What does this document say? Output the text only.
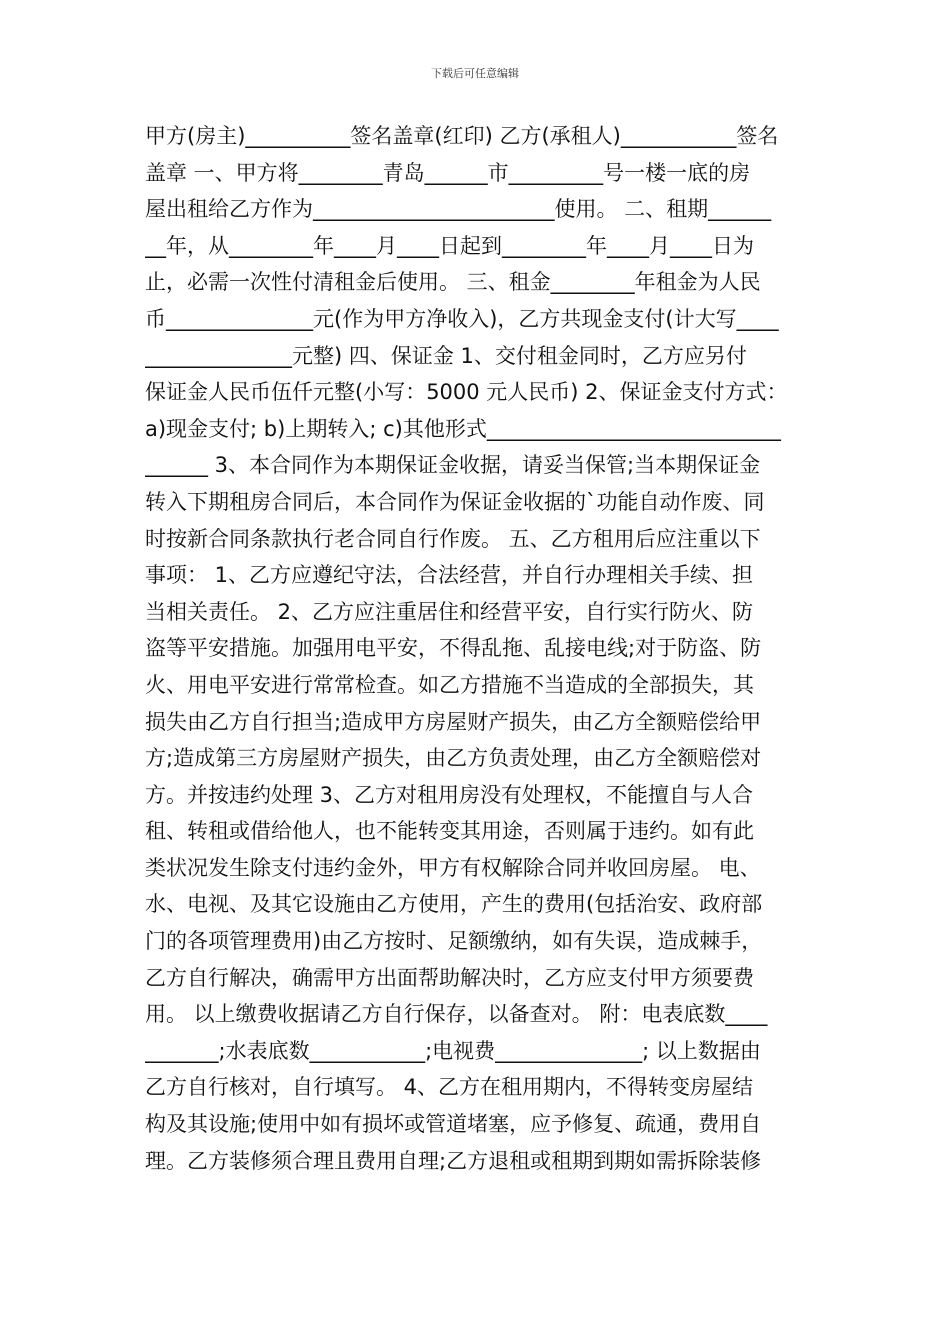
下载后可任意编辑
甲方(房主)__________签名盖章(红印) 乙方(承租人)___________签名
盖章 一、甲方将________青岛______市_________号一楼一底的房
屋出租给乙方作为_______________________使用。 二、租期______
__年，从________年____月____日起到________年____月____日为
止，必需一次性付清租金后使用。 三、租金________年租金为人民
币______________元(作为甲方净收入)，乙方共现金支付(计大写____
______________元整) 四、保证金 1、交付租金同时，乙方应另付
保证金人民币伍仟元整(小写：5000 元人民币) 2、保证金支付方式：
a)现金支付; b)上期转入; c)其他形式____________________________
______ 3、本合同作为本期保证金收据，请妥当保管;当本期保证金
转入下期租房合同后，本合同作为保证金收据的`功能自动作废、同
时按新合同条款执行老合同自行作废。 五、乙方租用后应注重以下
事项： 1、乙方应遵纪守法，合法经营，并自行办理相关手续、担
当相关责任。 2、乙方应注重居住和经营平安，自行实行防火、防
盗等平安措施。加强用电平安，不得乱拖、乱接电线;对于防盗、防
火、用电平安进行常常检查。如乙方措施不当造成的全部损失，其
损失由乙方自行担当;造成甲方房屋财产损失，由乙方全额赔偿给甲
方;造成第三方房屋财产损失，由乙方负责处理，由乙方全额赔偿对
方。并按违约处理 3、乙方对租用房没有处理权，不能擅自与人合
租、转租或借给他人，也不能转变其用途，否则属于违约。如有此
类状况发生除支付违约金外，甲方有权解除合同并收回房屋。 电、
水、电视、及其它设施由乙方使用，产生的费用(包括治安、政府部
门的各项管理费用)由乙方按时、足额缴纳，如有失误，造成棘手，
乙方自行解决，确需甲方出面帮助解决时，乙方应支付甲方须要费
用。 以上缴费收据请乙方自行保存，以备查对。 附：电表底数____
_______;水表底数___________;电视费______________; 以上数据由
乙方自行核对，自行填写。 4、乙方在租用期内，不得转变房屋结
构及其设施;使用中如有损坏或管道堵塞，应予修复、疏通，费用自
理。乙方装修须合理且费用自理;乙方退租或租期到期如需拆除装修
